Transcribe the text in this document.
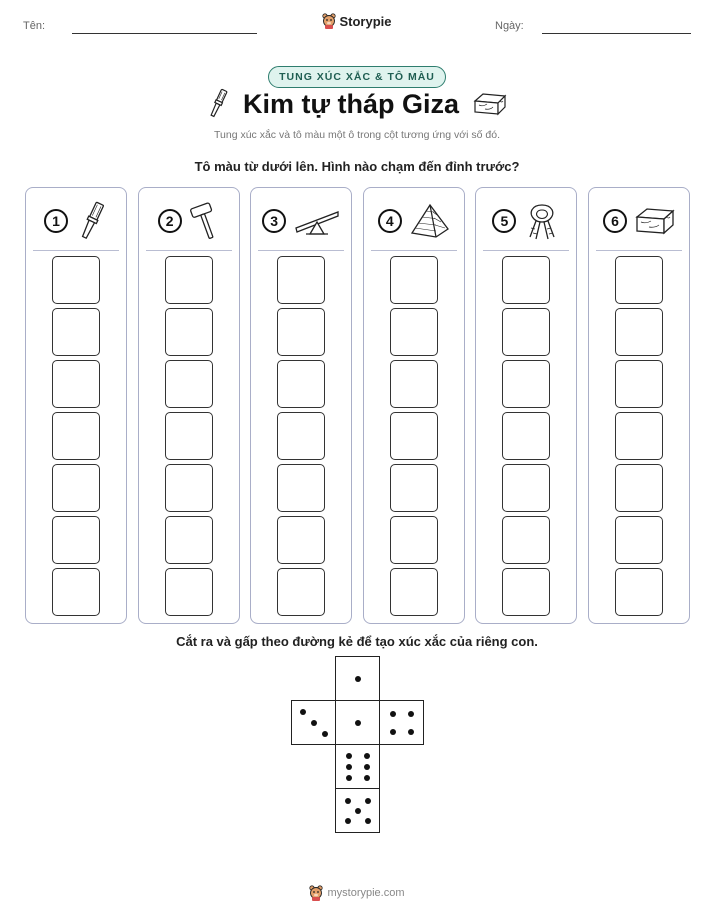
Tên:	Storypie	Ngày:
TUNG XÚC XẮC & TÔ MÀU
Kim tự tháp Giza
Tung xúc xắc và tô màu một ô trong cột tương ứng với số đó.
Tô màu từ dưới lên. Hình nào chạm đến đỉnh trước?
1	2	3	4	5	6
Cắt ra và gấp theo đường kẻ để tạo xúc xắc của riêng con.
mystorypie.com
